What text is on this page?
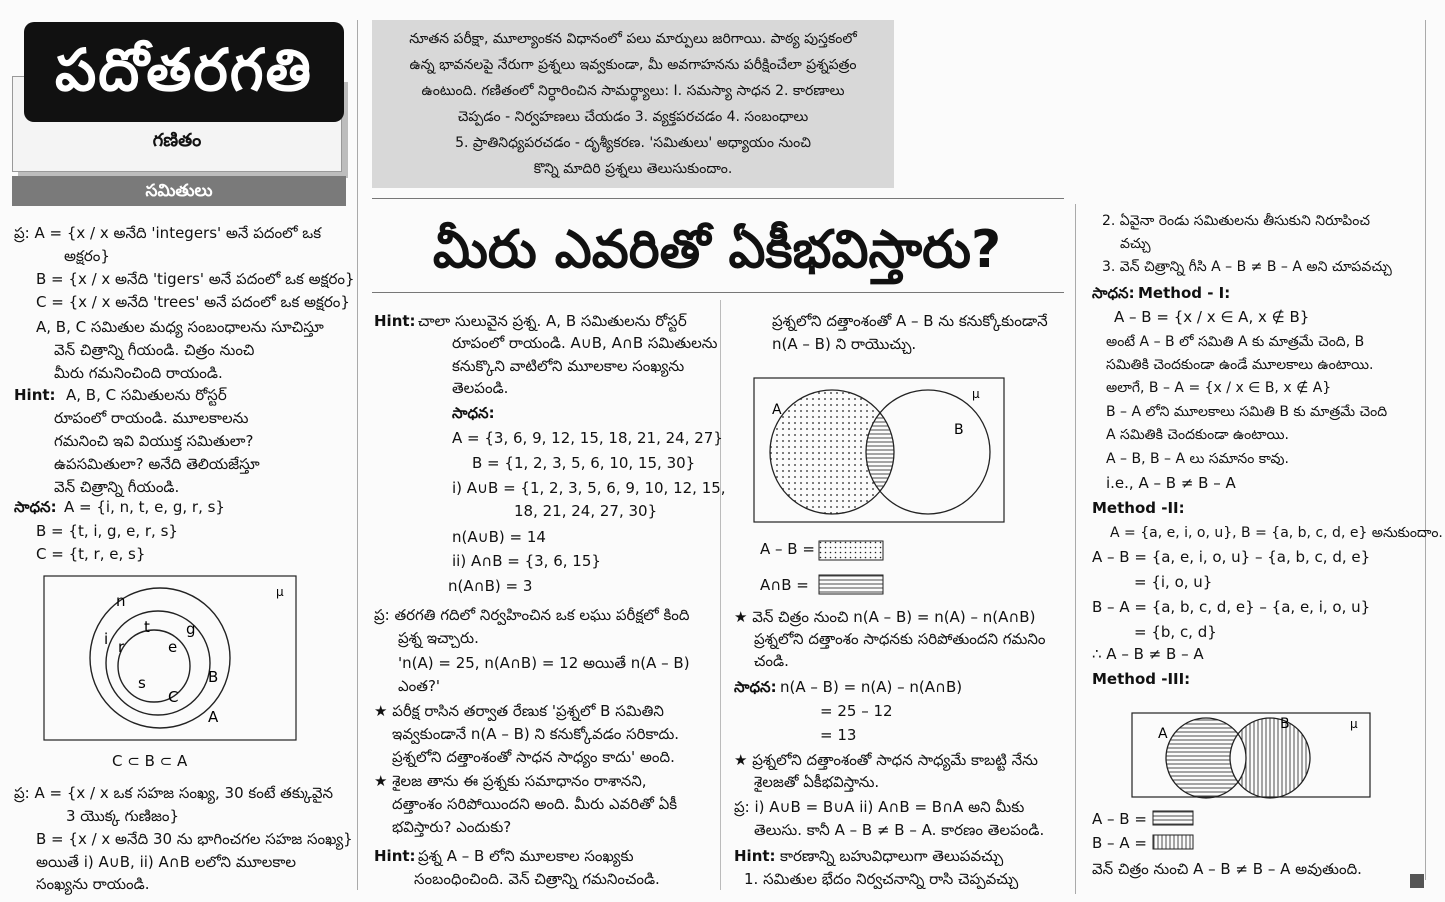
పదోతరగతి
గణితం
సమితులు
నూతన పరీక్షా, మూల్యాంకన విధానంలో పలు మార్పులు జరిగాయి. పాఠ్య పుస్తకంలో
ఉన్న భావనలపై నేరుగా ప్రశ్నలు ఇవ్వకుండా, మీ అవగాహనను పరీక్షించేలా ప్రశ్నపత్రం
ఉంటుంది. గణితంలో నిర్ధారించిన సామర్థ్యాలు: I. సమస్యా సాధన 2. కారణాలు
చెప్పడం - నిర్వహణలు చేయడం 3. వ్యక్తపరచడం 4. సంబంధాలు
5. ప్రాతినిధ్యపరచడం - దృశ్యీకరణ. 'సమితులు' అధ్యాయం నుంచి
కొన్ని మాదిరి ప్రశ్నలు తెలుసుకుందాం.
మీరు ఎవరితో ఏకీభవిస్తారు?
ప్ర: A = {x / x అనేది 'integers' అనే పదంలో ఒక
అక్షరం}
B = {x / x అనేది 'tigers' అనే పదంలో ఒక అక్షరం}
C = {x / x అనేది 'trees' అనే పదంలో ఒక అక్షరం}
A, B, C సమితుల మధ్య సంబంధాలను సూచిస్తూ
వెన్ చిత్రాన్ని గీయండి. చిత్రం నుంచి
మీరు గమనించింది రాయండి.
Hint: A, B, C సమితులను రోస్టర్
రూపంలో రాయండి. మూలకాలను
గమనించి ఇవి వియుక్త సమితులా?
ఉపసమితులా? అనేది తెలియజేస్తూ
వెన్ చిత్రాన్ని గీయండి.
సాధన: A = {i, n, t, e, g, r, s}
B = {t, i, g, e, r, s}
C = {t, r, e, s}
μ
n
t g
i r	e
s
C
B
A
C ⊂ B ⊂ A
ప్ర: A = {x / x ఒక సహజ సంఖ్య, 30 కంటే తక్కువైన
3 యొక్క గుణిజం}
B = {x / x అనేది 30 ను భాగించగల సహజ సంఖ్య}
అయితే i) A∪B, ii) A∩B లలోని మూలకాల
సంఖ్యను రాయండి.
Hint: చాలా సులువైన ప్రశ్న. A, B సమితులను రోస్టర్
రూపంలో రాయండి. A∪B, A∩B సమితులను
కనుక్కొని వాటిలోని మూలకాల సంఖ్యను
తెలపండి.
సాధన:
A = {3, 6, 9, 12, 15, 18, 21, 24, 27}
B = {1, 2, 3, 5, 6, 10, 15, 30}
i) A∪B = {1, 2, 3, 5, 6, 9, 10, 12, 15,
18, 21, 24, 27, 30}
n(A∪B) = 14
ii) A∩B = {3, 6, 15}
n(A∩B) = 3
ప్ర: తరగతి గదిలో నిర్వహించిన ఒక లఘు పరీక్షలో కింది
ప్రశ్న ఇచ్చారు.
'n(A) = 25, n(A∩B) = 12 అయితే n(A – B)
ఎంత?'
★ పరీక్ష రాసిన తర్వాత రేణుక 'ప్రశ్నలో B సమితిని
ఇవ్వకుండానే n(A – B) ని కనుక్కోవడం సరికాదు.
ప్రశ్నలోని దత్తాంశంతో సాధన సాధ్యం కాదు' అంది.
★ శైలజ తాను ఈ ప్రశ్నకు సమాధానం రాశానని,
దత్తాంశం సరిపోయిందని అంది. మీరు ఎవరితో ఏకీ
భవిస్తారు? ఎందుకు?
Hint: ప్రశ్న A – B లోని మూలకాల సంఖ్యకు
సంబంధించింది. వెన్ చిత్రాన్ని గమనించండి.
ప్రశ్నలోని దత్తాంశంతో A – B ను కనుక్కోకుండానే
n(A – B) ని రాయొచ్చు.
μ
A
B
A – B =
A∩B =
★ వెన్ చిత్రం నుంచి n(A – B) = n(A) – n(A∩B)
ప్రశ్నలోని దత్తాంశం సాధనకు సరిపోతుందని గమనిం
చండి.
సాధన: n(A – B) = n(A) – n(A∩B)
= 25 – 12
= 13
★ ప్రశ్నలోని దత్తాంశంతో సాధన సాధ్యమే కాబట్టి నేను
శైలజతో ఏకీభవిస్తాను.
ప్ర: i) A∪B = B∪A ii) A∩B = B∩A అని మీకు
తెలుసు. కానీ A – B ≠ B – A. కారణం తెలపండి.
Hint: కారణాన్ని బహువిధాలుగా తెలుపవచ్చు
1. సమితుల భేదం నిర్వచనాన్ని రాసి చెప్పవచ్చు
2. ఏవైనా రెండు సమితులను తీసుకుని నిరూపించ
వచ్చు
3. వెన్ చిత్రాన్ని గీసి A – B ≠ B – A అని చూపవచ్చు
సాధన: Method - I:
A – B = {x / x ∈ A, x ∉ B}
అంటే A – B లో సమితి A కు మాత్రమే చెంది, B
సమితికి చెందకుండా ఉండే మూలకాలు ఉంటాయి.
అలాగే, B – A = {x / x ∈ B, x ∉ A}
B – A లోని మూలకాలు సమితి B కు మాత్రమే చెంది
A సమితికి చెందకుండా ఉంటాయి.
A – B, B – A లు సమానం కావు.
i.e., A – B ≠ B – A
Method -II:
A = {a, e, i, o, u}, B = {a, b, c, d, e} అనుకుందాం.
A – B = {a, e, i, o, u} – {a, b, c, d, e}
= {i, o, u}
B – A = {a, b, c, d, e} – {a, e, i, o, u}
= {b, c, d}
∴ A – B ≠ B – A
Method -III:
μ
A
B
A – B =
B – A =
వెన్ చిత్రం నుంచి A – B ≠ B – A అవుతుంది.
